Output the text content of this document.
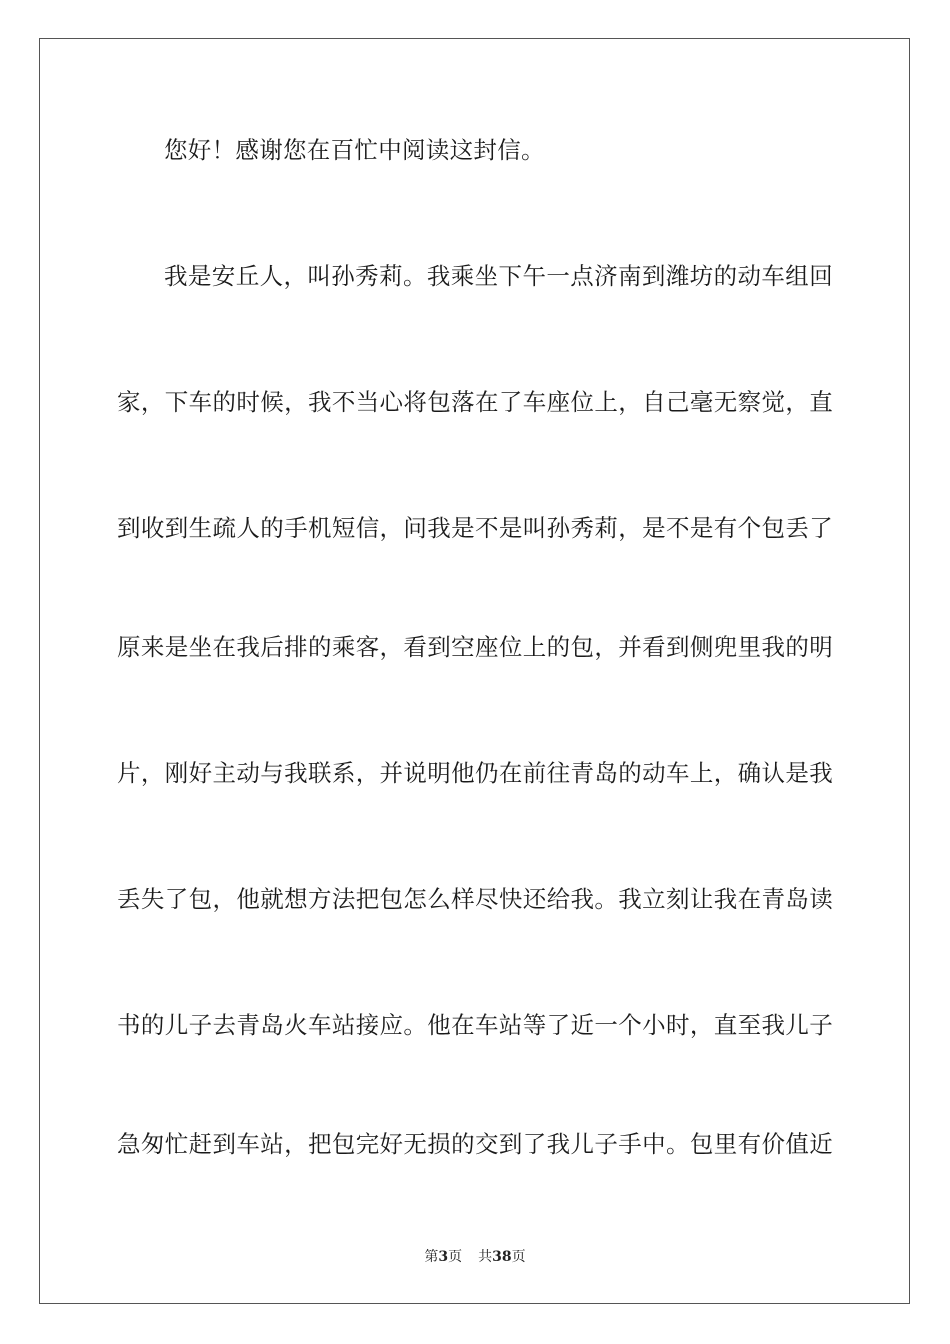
您好！感谢您在百忙中阅读这封信。
我是安丘人，叫孙秀莉。我乘坐下午一点济南到潍坊的动车组回
家，下车的时候，我不当心将包落在了车座位上，自己毫无察觉，直
到收到生疏人的手机短信，问我是不是叫孙秀莉，是不是有个包丢了
原来是坐在我后排的乘客，看到空座位上的包，并看到侧兜里我的明
片，刚好主动与我联系，并说明他仍在前往青岛的动车上，确认是我
丢失了包，他就想方法把包怎么样尽快还给我。我立刻让我在青岛读
书的儿子去青岛火车站接应。他在车站等了近一个小时，直至我儿子
急匆忙赶到车站，把包完好无损的交到了我儿子手中。包里有价值近
第3页 共38页
